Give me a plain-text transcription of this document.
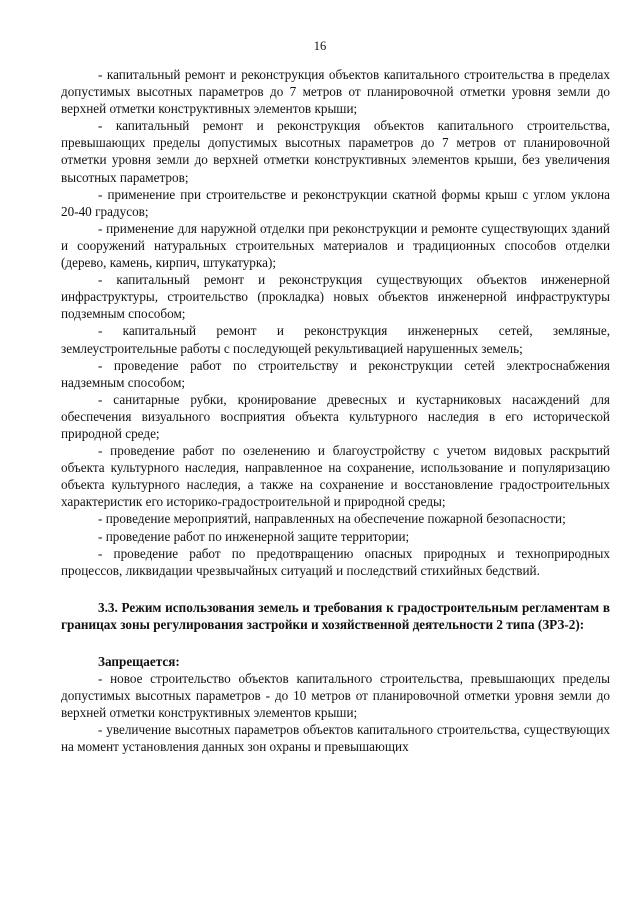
16

- капитальный ремонт и реконструкция объектов капитального строительства в пределах допустимых высотных параметров до 7 метров от планировочной отметки уровня земли до верхней отметки конструктивных элементов крыши;

- капитальный ремонт и реконструкция объектов капитального строительства, превышающих пределы допустимых высотных параметров до 7 метров от планировочной отметки уровня земли до верхней отметки конструктивных элементов крыши, без увеличения высотных параметров;

- применение при строительстве и реконструкции скатной формы крыш с углом уклона 20-40 градусов;

- применение для наружной отделки при реконструкции и ремонте существующих зданий и сооружений натуральных строительных материалов и традиционных способов отделки (дерево, камень, кирпич, штукатурка);

- капитальный ремонт и реконструкция существующих объектов инженерной инфраструктуры, строительство (прокладка) новых объектов инженерной инфраструктуры подземным способом;

- капитальный ремонт и реконструкция инженерных сетей, земляные, землеустроительные работы с последующей рекультивацией нарушенных земель;

- проведение работ по строительству и реконструкции сетей электроснабжения надземным способом;

- санитарные рубки, кронирование древесных и кустарниковых насаждений для обеспечения визуального восприятия объекта культурного наследия в его исторической природной среде;

- проведение работ по озеленению и благоустройству с учетом видовых раскрытий объекта культурного наследия, направленное на сохранение, использование и популяризацию объекта культурного наследия, а также на сохранение и восстановление градостроительных характеристик его историко-градостроительной и природной среды;

- проведение мероприятий, направленных на обеспечение пожарной безопасности;

- проведение работ по инженерной защите территории;

- проведение работ по предотвращению опасных природных и технoприродных процессов, ликвидации чрезвычайных ситуаций и последствий стихийных бедствий.

3.3. Режим использования земель и требования к градостроительным регламентам в границах зоны регулирования застройки и хозяйственной деятельности 2 типа (ЗРЗ-2):

Запрещается:

- новое строительство объектов капитального строительства, превышающих пределы допустимых высотных параметров - до 10 метров от планировочной отметки уровня земли до верхней отметки конструктивных элементов крыши;

- увеличение высотных параметров объектов капитального строительства, существующих на момент установления данных зон охраны и превышающих
